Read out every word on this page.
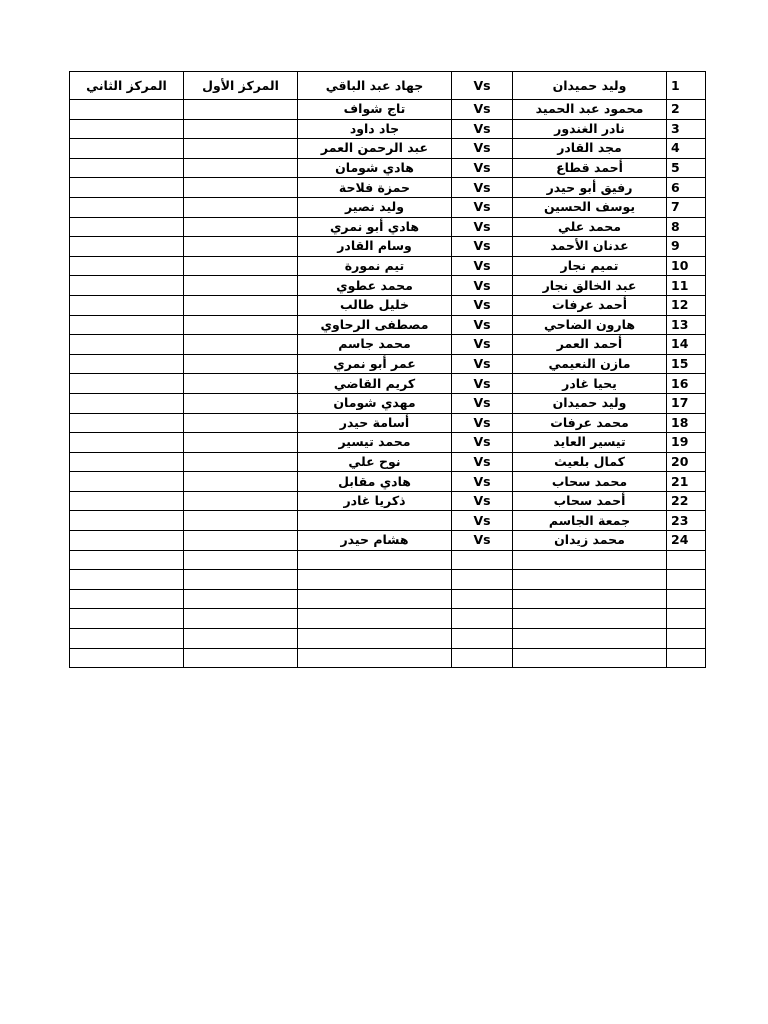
المركز الثاني	المركز الأول	جهاد عبد الباقي	Vs	وليد حميدان	1
		تاج شواف	Vs	محمود عبد الحميد	2
		جاد داود	Vs	نادر الغندور	3
		عبد الرحمن العمر	Vs	مجد القادر	4
		هادي شومان	Vs	أحمد قطاع	5
		حمزة فلاحة	Vs	رفيق أبو حيدر	6
		وليد نصير	Vs	يوسف الحسين	7
		هادي أبو نمري	Vs	محمد علي	8
		وسام القادر	Vs	عدنان الأحمد	9
		تيم نمورة	Vs	تميم نجار	10
		محمد عطوي	Vs	عبد الخالق نجار	11
		خليل طالب	Vs	أحمد عرفات	12
		مصطفى الرحاوي	Vs	هارون الضاحي	13
		محمد جاسم	Vs	أحمد العمر	14
		عمر أبو نمري	Vs	مازن النعيمي	15
		كريم القاضي	Vs	يحيا غادر	16
		مهدي شومان	Vs	وليد حميدان	17
		أسامة حيدر	Vs	محمد عرفات	18
		محمد تيسير	Vs	تيسير العايد	19
		نوح علي	Vs	كمال بلعيث	20
		هادي مقابل	Vs	محمد سحاب	21
		ذكريا غادر	Vs	أحمد سحاب	22
			Vs	جمعة الجاسم	23
		هشام حيدر	Vs	محمد زيدان	24
